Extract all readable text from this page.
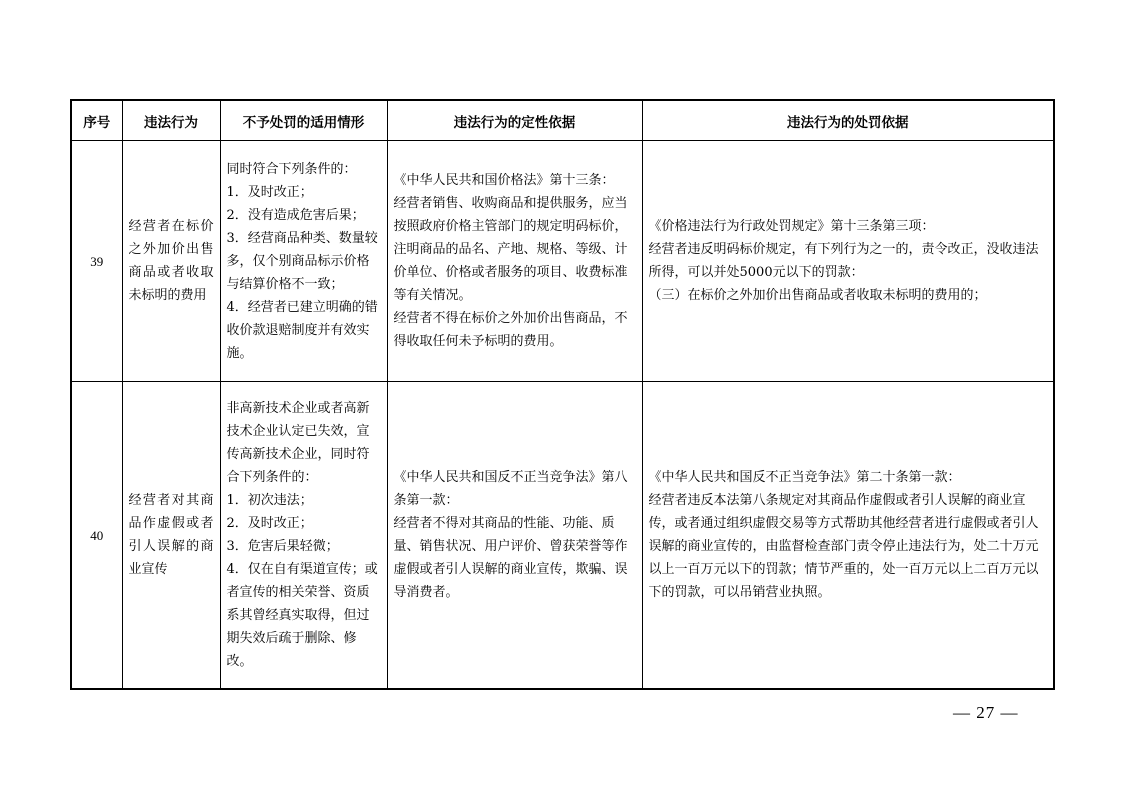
序号	违法行为	不予处罚的适用情形	违法行为的定性依据	违法行为的处罚依据
39	经营者在标价之外加价出售商品或者收取未标明的费用	同时符合下列条件的：
1．及时改正；
2．没有造成危害后果；
3．经营商品种类、数量较多，仅个别商品标示价格与结算价格不一致；
4．经营者已建立明确的错收价款退赔制度并有效实施。	《中华人民共和国价格法》第十三条：
经营者销售、收购商品和提供服务，应当按照政府价格主管部门的规定明码标价，注明商品的品名、产地、规格、等级、计价单位、价格或者服务的项目、收费标准等有关情况。
经营者不得在标价之外加价出售商品，不得收取任何未予标明的费用。	《价格违法行为行政处罚规定》第十三条第三项：
经营者违反明码标价规定，有下列行为之一的，责令改正，没收违法所得，可以并处5000元以下的罚款：
（三）在标价之外加价出售商品或者收取未标明的费用的；

40	经营者对其商品作虚假或者引人误解的商业宣传	非高新技术企业或者高新技术企业认定已失效，宣传高新技术企业，同时符合下列条件的：
1．初次违法；
2．及时改正；
3．危害后果轻微；
4．仅在自有渠道宣传；或者宣传的相关荣誉、资质系其曾经真实取得，但过期失效后疏于删除、修改。	《中华人民共和国反不正当竞争法》第八条第一款：
经营者不得对其商品的性能、功能、质量、销售状况、用户评价、曾获荣誉等作虚假或者引人误解的商业宣传，欺骗、误导消费者。	《中华人民共和国反不正当竞争法》第二十条第一款：
经营者违反本法第八条规定对其商品作虚假或者引人误解的商业宣传，或者通过组织虚假交易等方式帮助其他经营者进行虚假或者引人误解的商业宣传的，由监督检查部门责令停止违法行为，处二十万元以上一百万元以下的罚款；情节严重的，处一百万元以上二百万元以下的罚款，可以吊销营业执照。
— 27 —
